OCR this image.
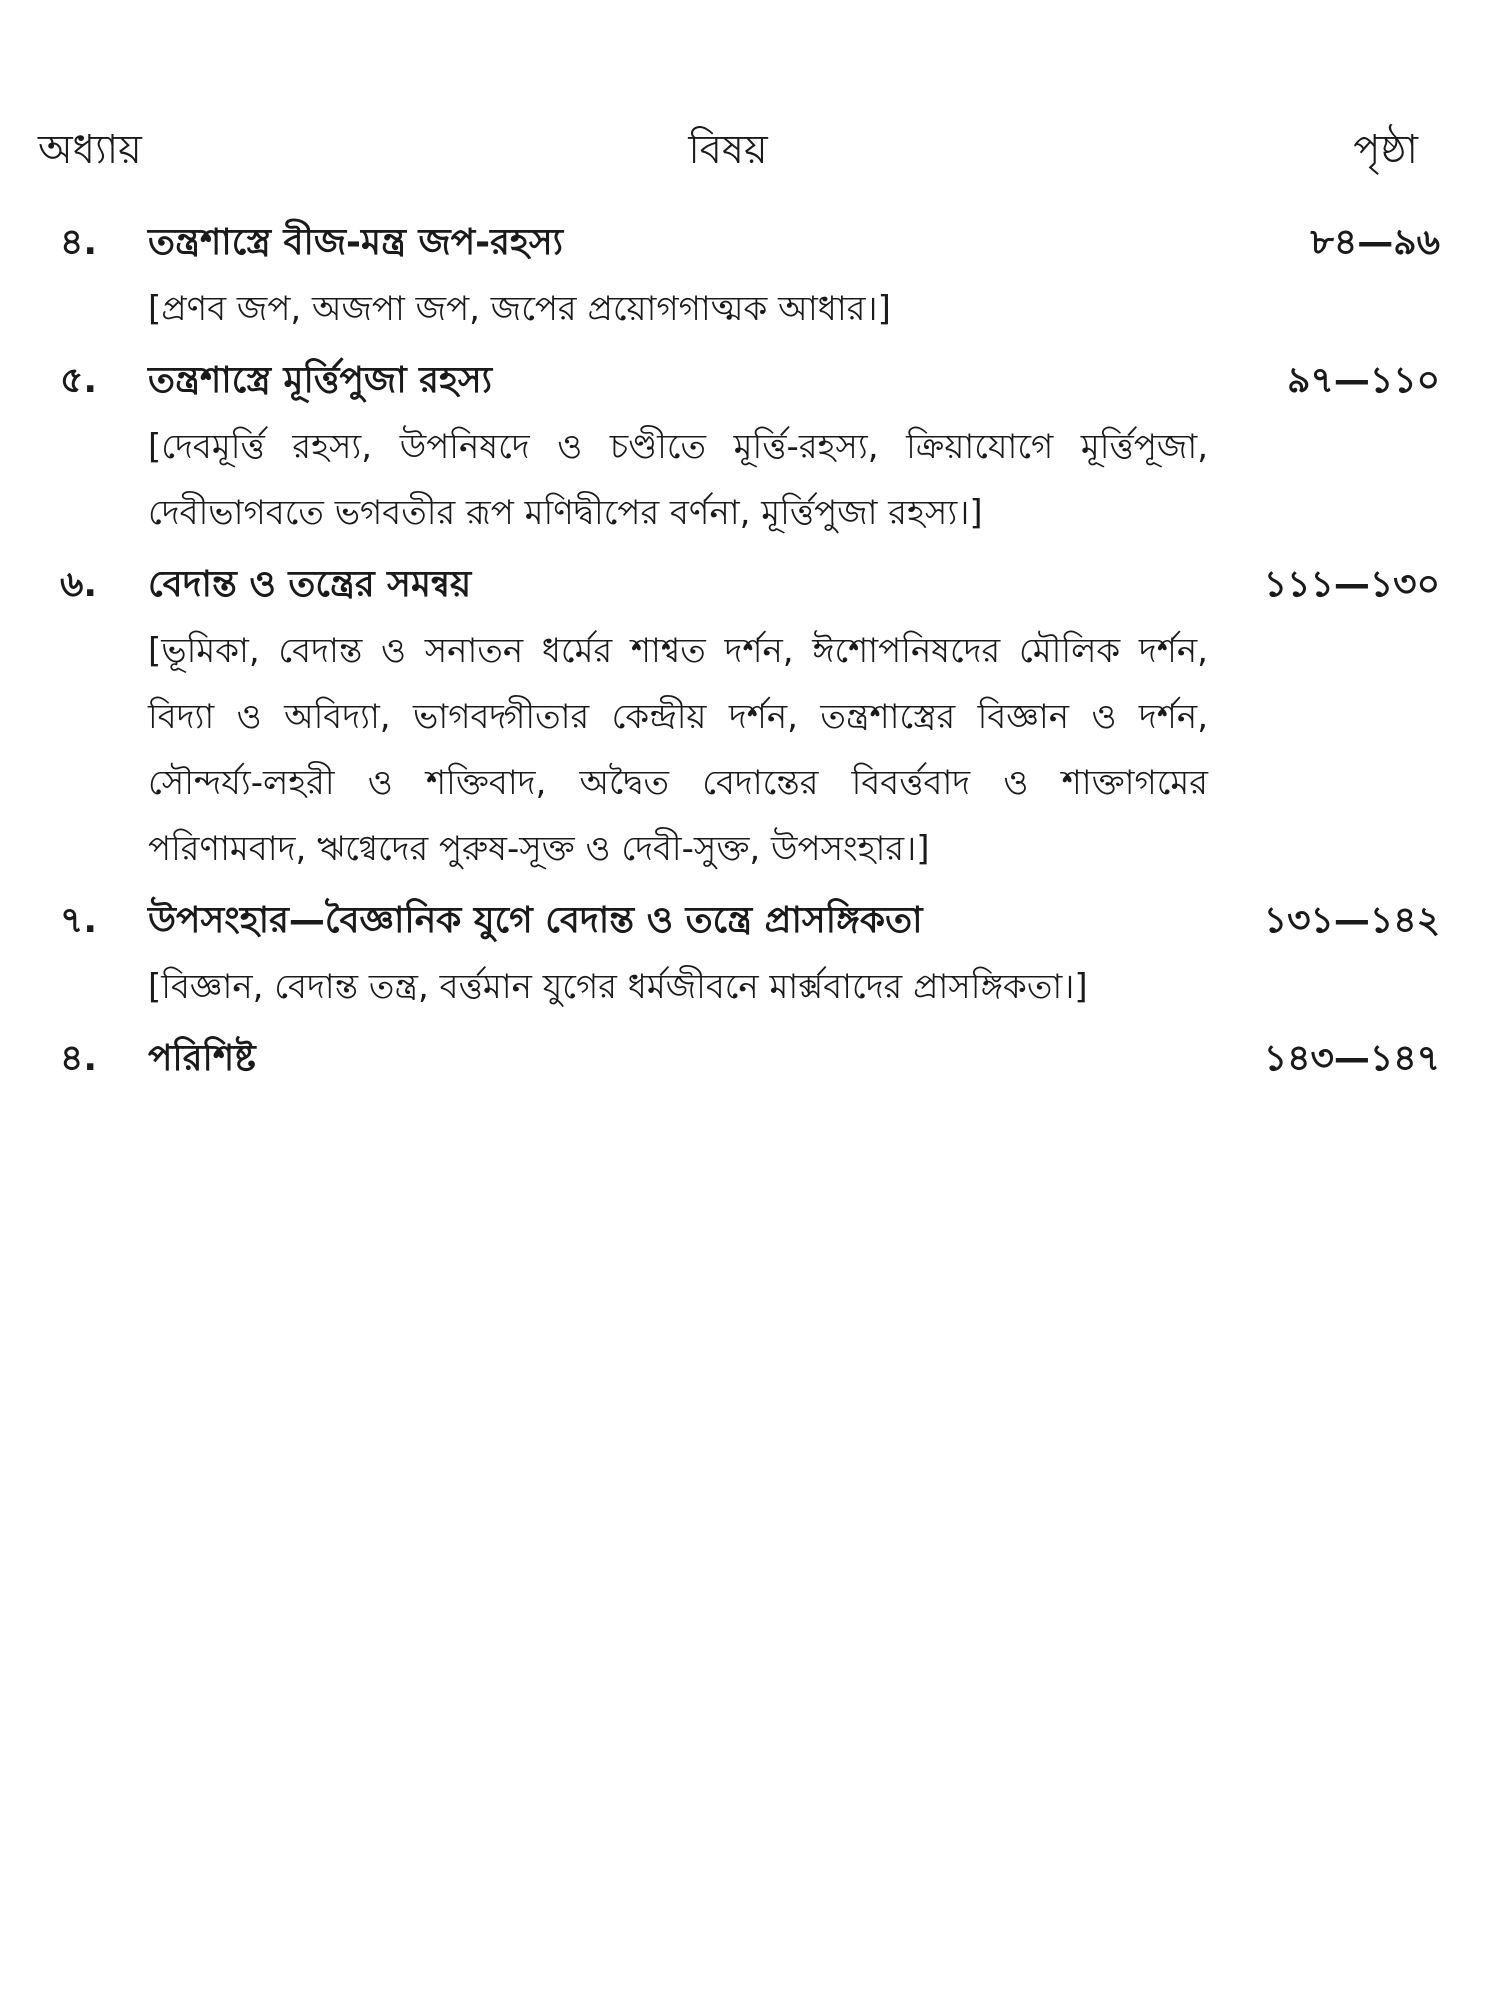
অধ্যায়	বিষয়	পৃষ্ঠা
৪. তন্ত্রশাস্ত্রে বীজ-মন্ত্র জপ-রহস্য	৮৪—৯৬
[প্রণব জপ, অজপা জপ, জপের প্রয়োগগাত্মক আধার।]
৫. তন্ত্রশাস্ত্রে মূর্ত্তিপুজা রহস্য	৯৭—১১০
[দেবমূর্ত্তি রহস্য, উপনিষদে ও চণ্ডীতে মূর্ত্তি-রহস্য, ক্রিয়াযোগে মূর্ত্তিপূজা, দেবীভাগবতে ভগবতীর রূপ মণিদ্বীপের বর্ণনা, মূর্ত্তিপুজা রহস্য।]
৬. বেদান্ত ও তন্ত্রের সমন্বয়	১১১—১৩০
[ভূমিকা, বেদান্ত ও সনাতন ধর্মের শাশ্বত দর্শন, ঈশোপনিষদের মৌলিক দর্শন, বিদ্যা ও অবিদ্যা, ভাগবদ্গীতার কেন্দ্রীয় দর্শন, তন্ত্রশাস্ত্রের বিজ্ঞান ও দর্শন, সৌন্দর্য্য-লহরী ও শক্তিবাদ, অদ্বৈত বেদান্তের বিবর্ত্তবাদ ও শাক্তাগমের পরিণামবাদ, ঋগ্বেদের পুরুষ-সূক্ত ও দেবী-সুক্ত, উপসংহার।]
৭. উপসংহার—বৈজ্ঞানিক যুগে বেদান্ত ও তন্ত্রে প্রাসঙ্গিকতা	১৩১—১৪২
[বিজ্ঞান, বেদান্ত তন্ত্র, বর্ত্তমান যুগের ধর্মজীবনে মার্ক্সবাদের প্রাসঙ্গিকতা।]
৪. পরিশিষ্ট	১৪৩—১৪৭
